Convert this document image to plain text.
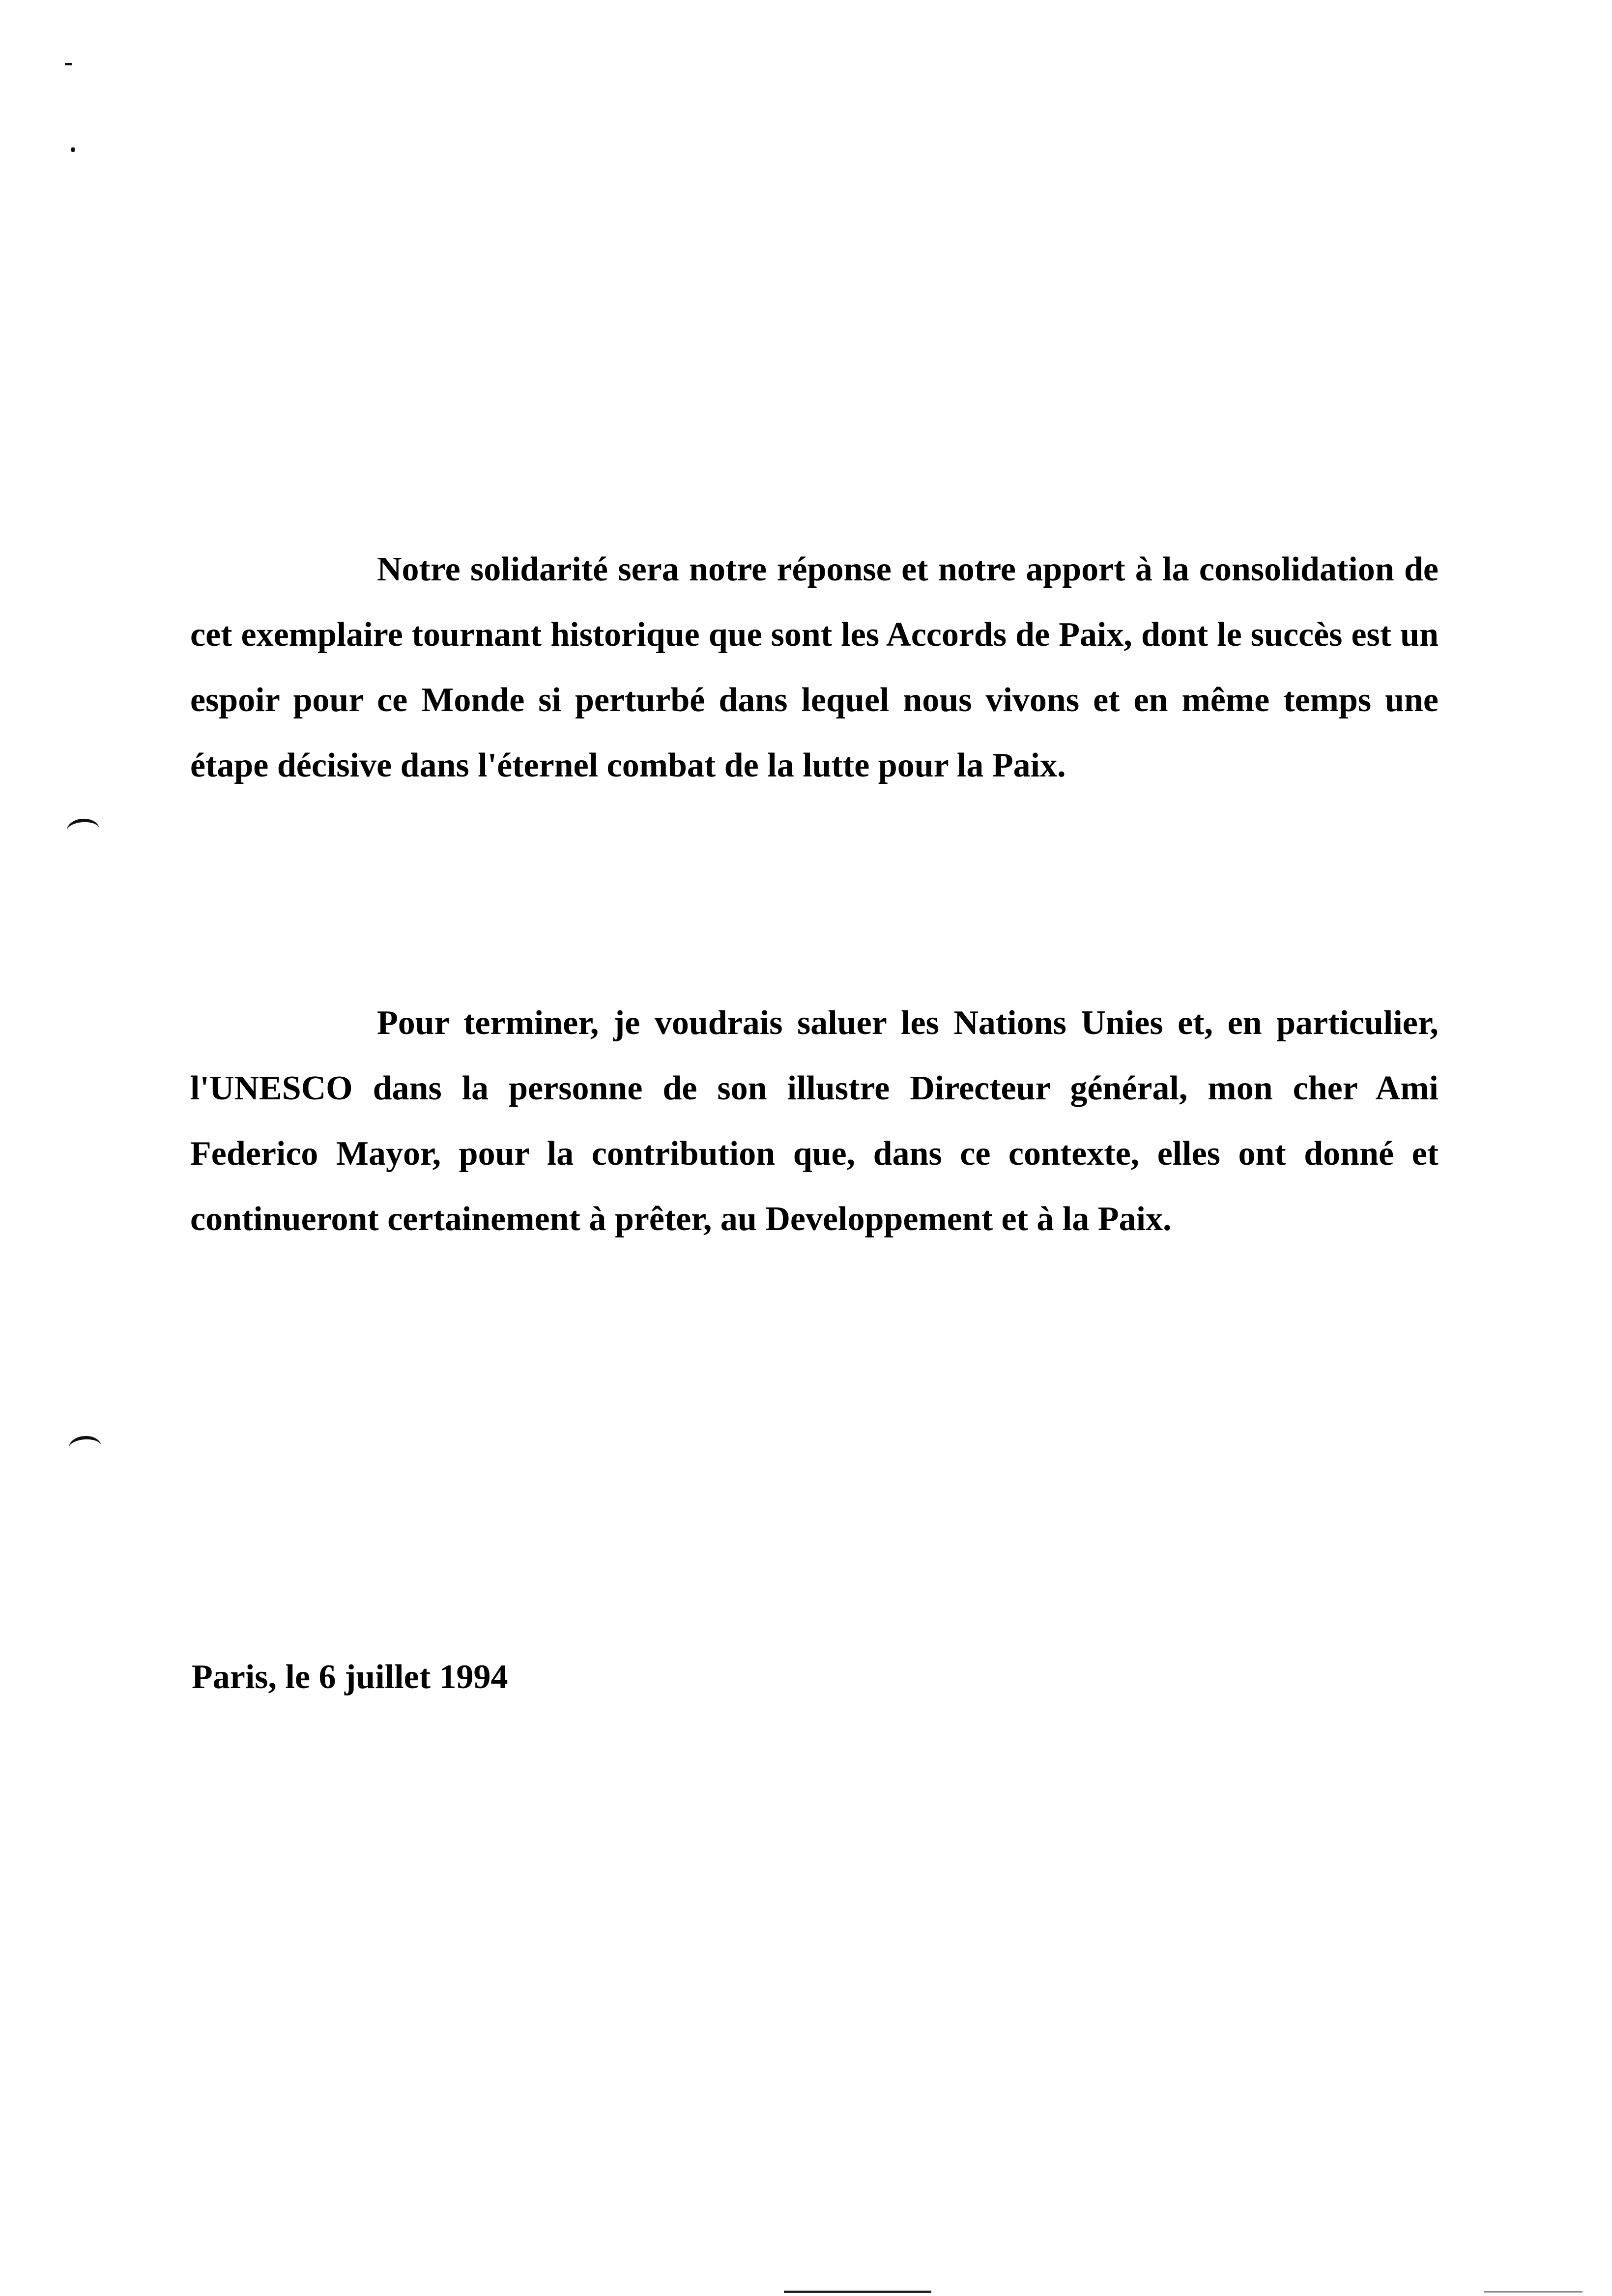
Notre solidarité sera notre réponse et notre apport à la consolidation de cet exemplaire tournant historique que sont les Accords de Paix, dont le succès est un espoir pour ce Monde si perturbé dans lequel nous vivons et en même temps une étape décisive dans l'éternel combat de la lutte pour la Paix.

Pour terminer, je voudrais saluer les Nations Unies et, en particulier, l'UNESCO dans la personne de son illustre Directeur général, mon cher Ami Federico Mayor, pour la contribution que, dans ce contexte, elles ont donné et continueront certainement à prêter, au Developpement et à la Paix.

Paris, le 6 juillet 1994
